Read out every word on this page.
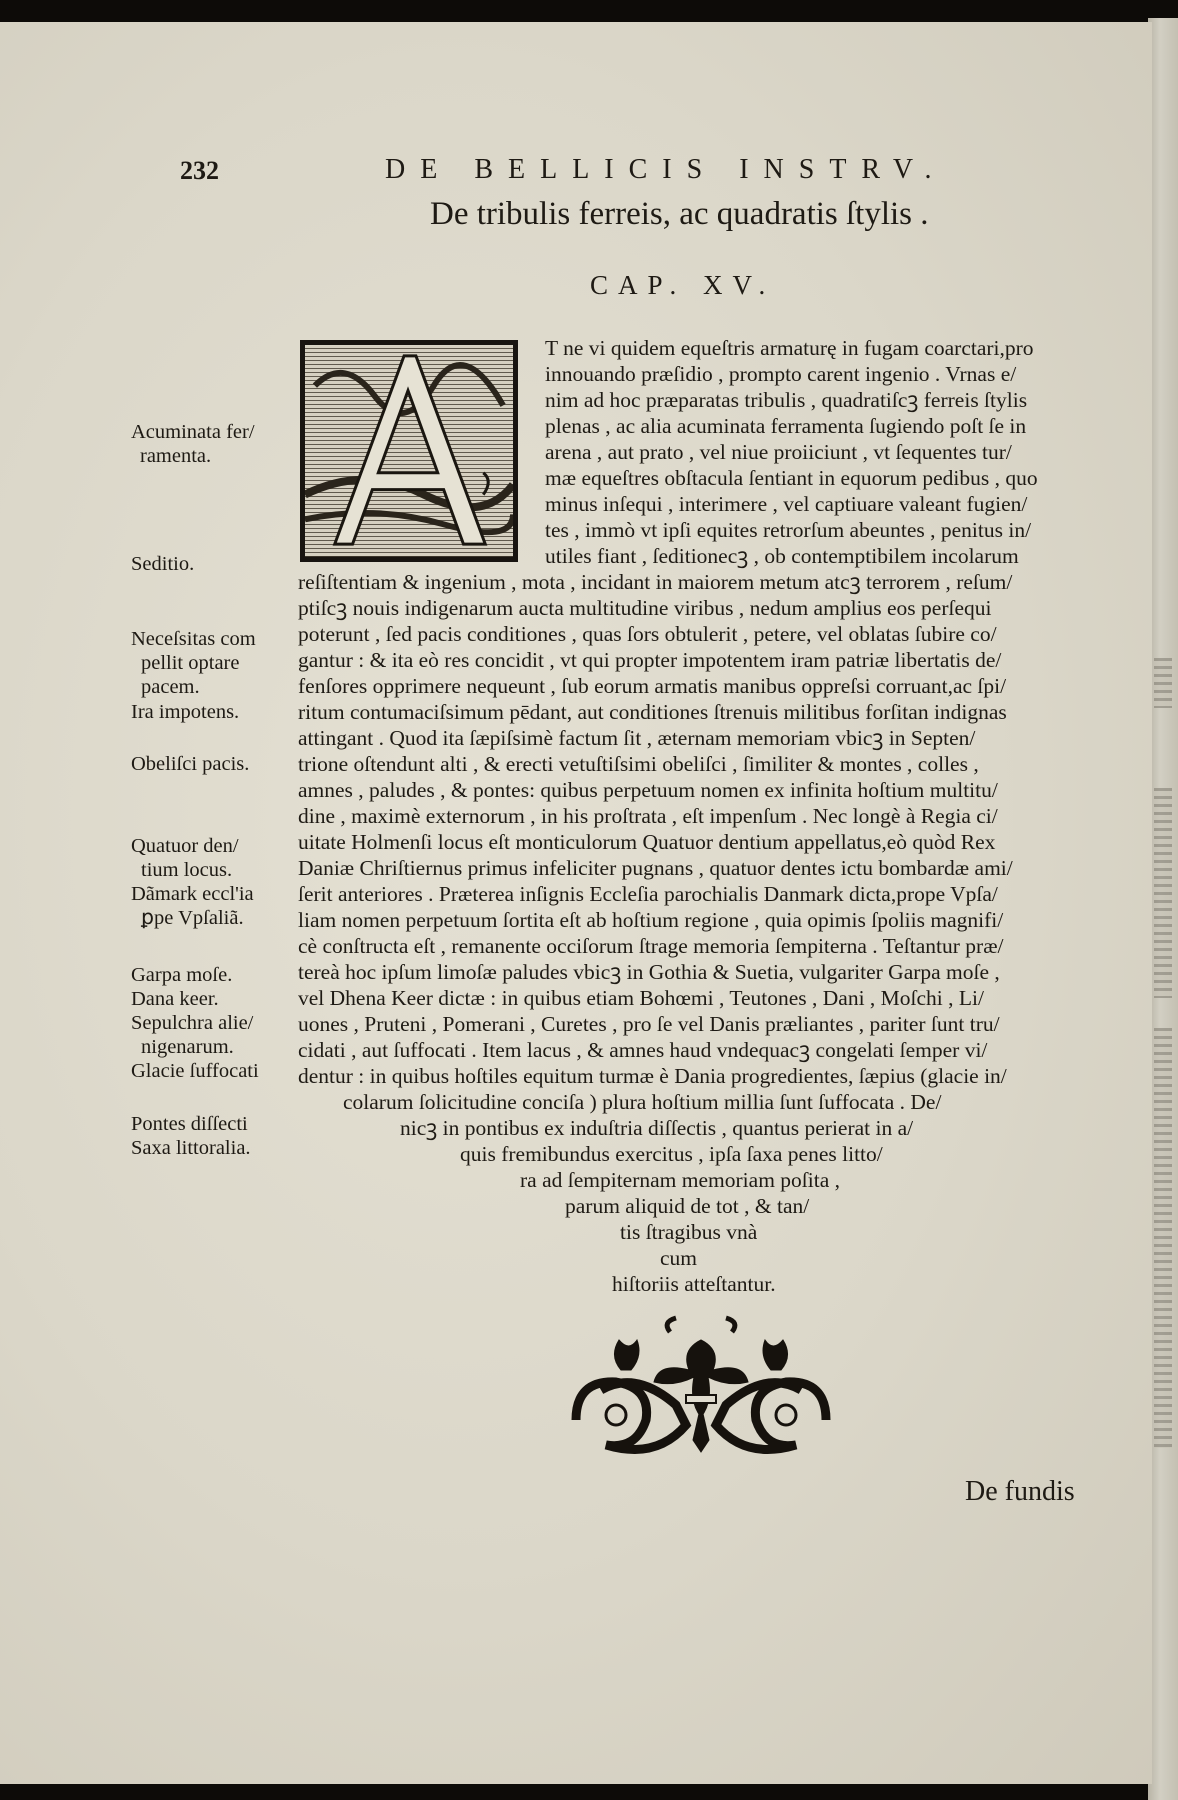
232	DE BELLICIS INSTRV.
De tribulis ferreis, ac quadratis ſtylis .
CAP. XV.
T ne vi quidem equeſtris armaturę in fugam coarctari,pro
innouando præſidio , prompto carent ingenio . Vrnas e/
nim ad hoc præparatas tribulis , quadratiſcꝫ ferreis ſtylis
plenas , ac alia acuminata ferramenta ſugiendo poſt ſe in
arena , aut prato , vel niue proiiciunt , vt ſequentes tur/
mæ equeſtres obſtacula ſentiant in equorum pedibus , quo
minus inſequi , interimere , vel captiuare valeant fugien/
tes , immò vt ipſi equites retrorſum abeuntes , penitus in/
utiles fiant , ſeditionecꝫ , ob contemptibilem incolarum
reſiſtentiam & ingenium , mota , incidant in maiorem metum atcꝫ terrorem , reſum/
ptiſcꝫ nouis indigenarum aucta multitudine viribus , nedum amplius eos perſequi
poterunt , ſed pacis conditiones , quas ſors obtulerit , petere, vel oblatas ſubire co/
gantur : & ita eò res concidit , vt qui propter impotentem iram patriæ libertatis de/
fenſores opprimere nequeunt , ſub eorum armatis manibus oppreſsi corruant,ac ſpi/
ritum contumaciſsimum pēdant, aut conditiones ſtrenuis militibus forſitan indignas
attingant . Quod ita ſæpiſsimè factum ſit , æternam memoriam vbicꝫ in Septen/
trione oſtendunt alti , & erecti vetuſtiſsimi obeliſci , ſimiliter & montes , colles ,
amnes , paludes , & pontes: quibus perpetuum nomen ex infinita hoſtium multitu/
dine , maximè externorum , in his proſtrata , eſt impenſum . Nec longè à Regia ci/
uitate Holmenſi locus eſt monticulorum Quatuor dentium appellatus,eò quòd Rex
Daniæ Chriſtiernus primus infeliciter pugnans , quatuor dentes ictu bombardæ ami/
ſerit anteriores . Præterea inſignis Eccleſia parochialis Danmark dicta,prope Vpſa/
liam nomen perpetuum ſortita eſt ab hoſtium regione , quia opimis ſpoliis magnifi/
cè conſtructa eſt , remanente occiſorum ſtrage memoria ſempiterna . Teſtantur præ/
tereà hoc ipſum limoſæ paludes vbicꝫ in Gothia & Suetia, vulgariter Garpa moſe ,
vel Dhena Keer dictæ : in quibus etiam Bohœmi , Teutones , Dani , Moſchi , Li/
uones , Pruteni , Pomerani , Curetes , pro ſe vel Danis præliantes , pariter ſunt tru/
cidati , aut ſuffocati . Item lacus , & amnes haud vndequacꝫ congelati ſemper vi/
dentur : in quibus hoſtiles equitum turmæ è Dania progredientes, ſæpius (glacie in/
colarum ſolicitudine conciſa ) plura hoſtium millia ſunt ſuffocata . De/
nicꝫ in pontibus ex induſtria diſſectis , quantus perierat in a/
quis fremibundus exercitus , ipſa ſaxa penes litto/
ra ad ſempiternam memoriam poſita ,
parum aliquid de tot , & tan/
tis ſtragibus vnà
cum
hiſtoriis atteſtantur.
Acuminata fer/
ramenta.
Seditio.
Neceſsitas com
pellit optare
pacem.
Ira impotens.
Obeliſci pacis.
Quatuor den/
tium locus.
Dãmark eccl'ia
ꝑpe Vpſaliã.
Garpa moſe.
Dana keer.
Sepulchra alie/
nigenarum.
Glacie ſuffocati
Pontes diſſecti
Saxa littoralia.
De fundis
